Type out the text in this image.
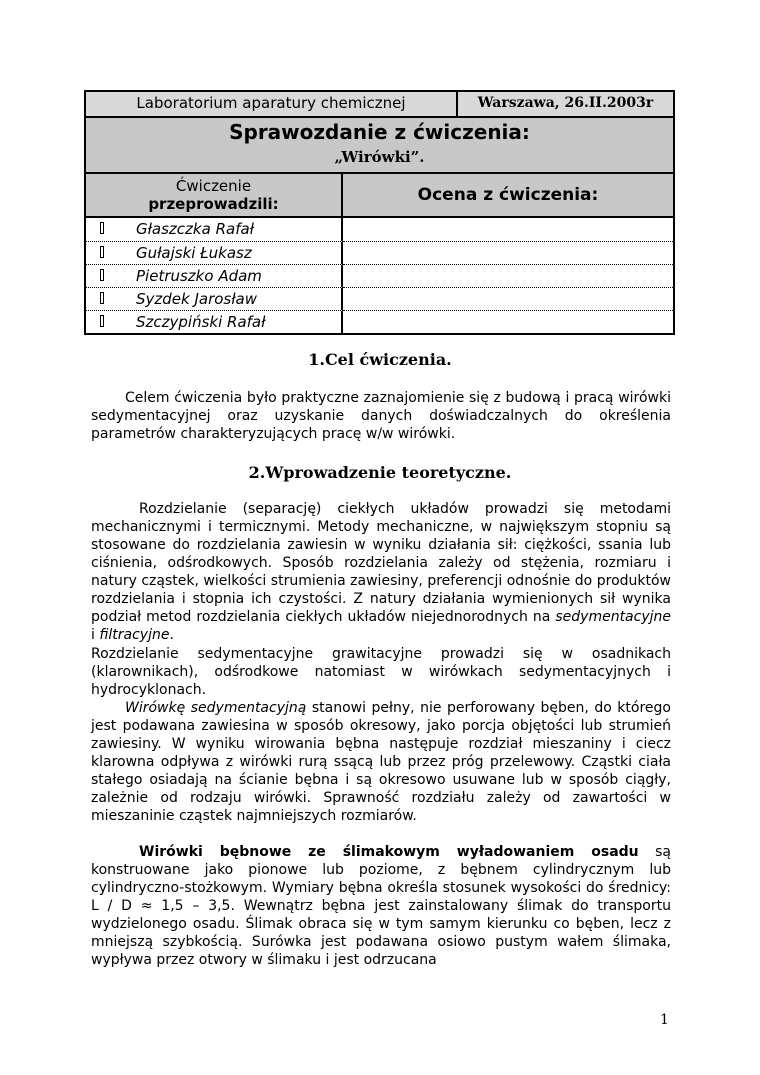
Laboratorium aparatury chemicznej	Warszawa, 26.II.2003r
Sprawozdanie z ćwiczenia:
„Wirówki”.
Ćwiczenie
przeprowadzili:	Ocena z ćwiczenia:
Głaszczka Rafał
Gułajski Łukasz
Pietruszko Adam
Syzdek Jarosław
Szczypiński Rafał
1.Cel ćwiczenia.
Celem ćwiczenia było praktyczne zaznajomienie się z budową i pracą wirówki sedymentacyjnej oraz uzyskanie danych doświadczalnych do określenia parametrów charakteryzujących pracę w/w wirówki.
2.Wprowadzenie teoretyczne.
Rozdzielanie (separację) ciekłych układów prowadzi się metodami mechanicznymi i termicznymi. Metody mechaniczne, w największym stopniu są stosowane do rozdzielania zawiesin w wyniku działania sił: ciężkości, ssania lub ciśnienia, odśrodkowych. Sposób rozdzielania zależy od stężenia, rozmiaru i natury cząstek, wielkości strumienia zawiesiny, preferencji odnośnie do produktów rozdzielania i stopnia ich czystości. Z natury działania wymienionych sił wynika podział metod rozdzielania ciekłych układów niejednorodnych na sedymentacyjne i filtracyjne.
Rozdzielanie sedymentacyjne grawitacyjne prowadzi się w osadnikach (klarownikach), odśrodkowe natomiast w wirówkach sedymentacyjnych i hydrocyklonach.
Wirówkę sedymentacyjną stanowi pełny, nie perforowany bęben, do którego jest podawana zawiesina w sposób okresowy, jako porcja objętości lub strumień zawiesiny. W wyniku wirowania bębna następuje rozdział mieszaniny i ciecz klarowna odpływa z wirówki rurą ssącą lub przez próg przelewowy. Cząstki ciała stałego osiadają na ścianie bębna i są okresowo usuwane lub w sposób ciągły, zależnie od rodzaju wirówki. Sprawność rozdziału zależy od zawartości w mieszaninie cząstek najmniejszych rozmiarów.
Wirówki bębnowe ze ślimakowym wyładowaniem osadu są konstruowane jako pionowe lub poziome, z bębnem cylindrycznym lub cylindryczno-stożkowym. Wymiary bębna określa stosunek wysokości do średnicy: L / D ≈ 1,5 – 3,5. Wewnątrz bębna jest zainstalowany ślimak do transportu wydzielonego osadu. Ślimak obraca się w tym samym kierunku co bęben, lecz z mniejszą szybkością. Surówka jest podawana osiowo pustym wałem ślimaka, wypływa przez otwory w ślimaku i jest odrzucana
1
